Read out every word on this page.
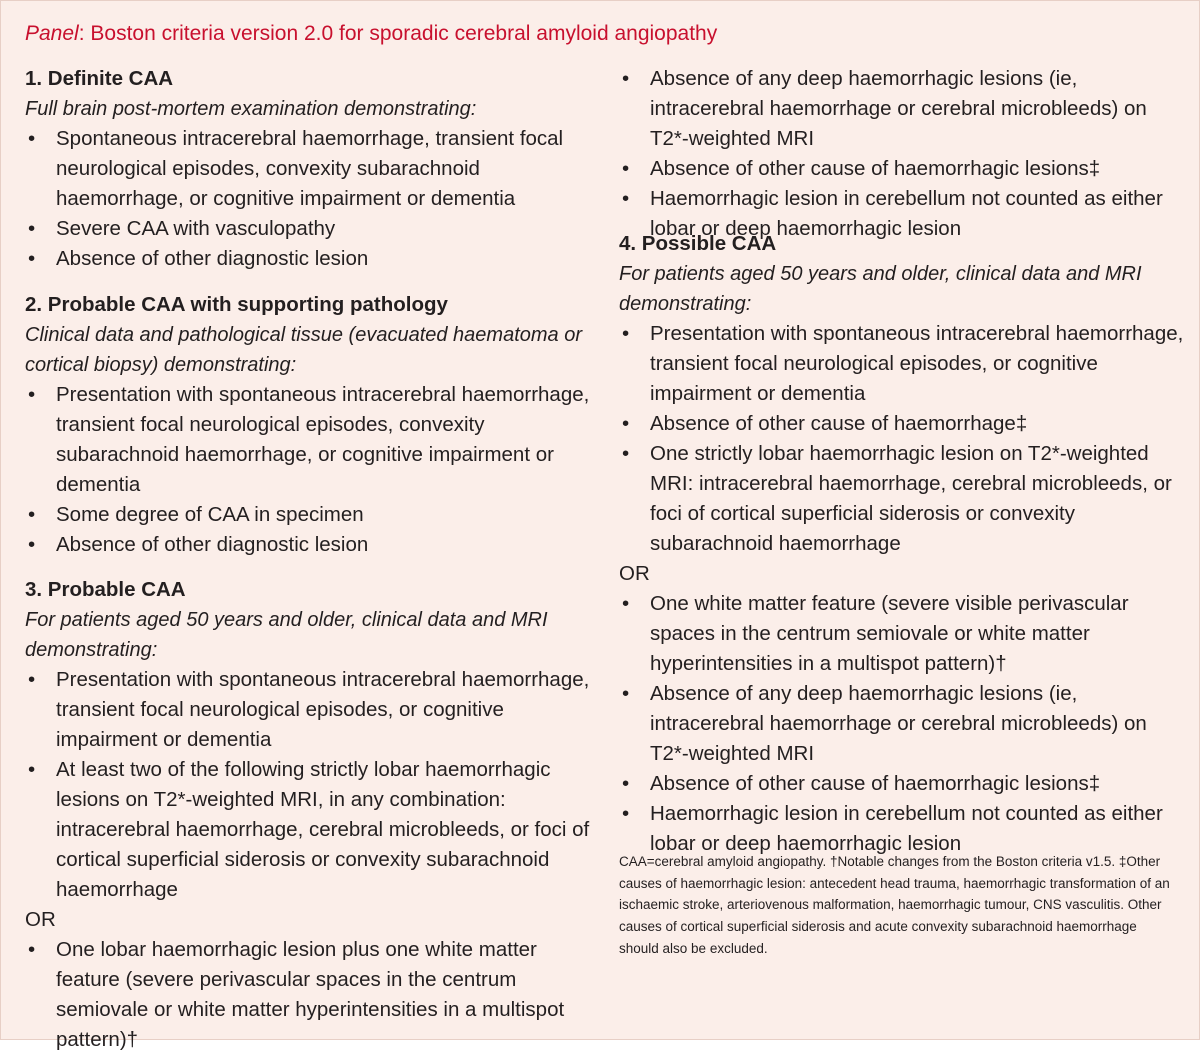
Panel: Boston criteria version 2.0 for sporadic cerebral amyloid angiopathy
1. Definite CAA
Full brain post-mortem examination demonstrating:
• Spontaneous intracerebral haemorrhage, transient focal neurological episodes, convexity subarachnoid haemorrhage, or cognitive impairment or dementia
• Severe CAA with vasculopathy
• Absence of other diagnostic lesion
2. Probable CAA with supporting pathology
Clinical data and pathological tissue (evacuated haematoma or cortical biopsy) demonstrating:
• Presentation with spontaneous intracerebral haemorrhage, transient focal neurological episodes, convexity subarachnoid haemorrhage, or cognitive impairment or dementia
• Some degree of CAA in specimen
• Absence of other diagnostic lesion
3. Probable CAA
For patients aged 50 years and older, clinical data and MRI demonstrating:
• Presentation with spontaneous intracerebral haemorrhage, transient focal neurological episodes, or cognitive impairment or dementia
• At least two of the following strictly lobar haemorrhagic lesions on T2*-weighted MRI, in any combination: intracerebral haemorrhage, cerebral microbleeds, or foci of cortical superficial siderosis or convexity subarachnoid haemorrhage
OR
• One lobar haemorrhagic lesion plus one white matter feature (severe perivascular spaces in the centrum semiovale or white matter hyperintensities in a multispot pattern)†
• Absence of any deep haemorrhagic lesions (ie, intracerebral haemorrhage or cerebral microbleeds) on T2*-weighted MRI
• Absence of other cause of haemorrhagic lesions‡
• Haemorrhagic lesion in cerebellum not counted as either lobar or deep haemorrhagic lesion
4. Possible CAA
For patients aged 50 years and older, clinical data and MRI demonstrating:
• Presentation with spontaneous intracerebral haemorrhage, transient focal neurological episodes, or cognitive impairment or dementia
• Absence of other cause of haemorrhage‡
• One strictly lobar haemorrhagic lesion on T2*-weighted MRI: intracerebral haemorrhage, cerebral microbleeds, or foci of cortical superficial siderosis or convexity subarachnoid haemorrhage
OR
• One white matter feature (severe visible perivascular spaces in the centrum semiovale or white matter hyperintensities in a multispot pattern)†
• Absence of any deep haemorrhagic lesions (ie, intracerebral haemorrhage or cerebral microbleeds) on T2*-weighted MRI
• Absence of other cause of haemorrhagic lesions‡
• Haemorrhagic lesion in cerebellum not counted as either lobar or deep haemorrhagic lesion
CAA=cerebral amyloid angiopathy. †Notable changes from the Boston criteria v1.5. ‡Other causes of haemorrhagic lesion: antecedent head trauma, haemorrhagic transformation of an ischaemic stroke, arteriovenous malformation, haemorrhagic tumour, CNS vasculitis. Other causes of cortical superficial siderosis and acute convexity subarachnoid haemorrhage should also be excluded.
